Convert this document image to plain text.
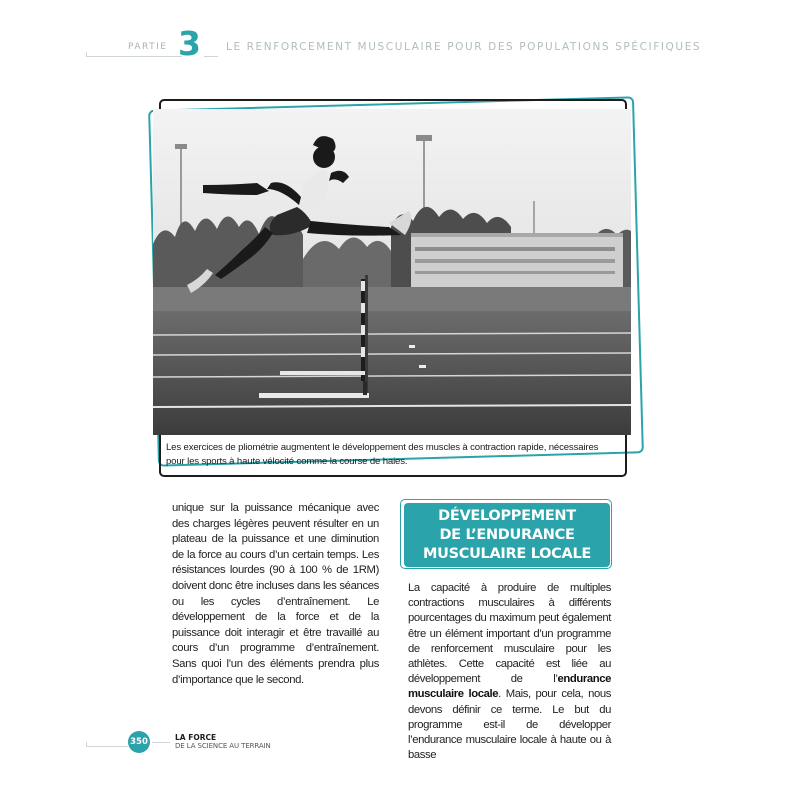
PARTIE 3 LE RENFORCEMENT MUSCULAIRE POUR DES POPULATIONS SPÉCIFIQUES
Les exercices de pliométrie augmentent le développement des muscles à contraction rapide, nécessaires pour les sports à haute vélocité comme la course de haies.

unique sur la puissance mécanique avec des charges légères peuvent résulter en un plateau de la puissance et une diminution de la force au cours d’un certain temps. Les résistances lourdes (90 à 100 % de 1RM) doivent donc être incluses dans les séances ou les cycles d’entraînement. Le développement de la force et de la puissance doit interagir et être travaillé au cours d’un programme d’entraînement. Sans quoi l’un des éléments prendra plus d’importance que le second.

DÉVELOPPEMENT
DE L’ENDURANCE
MUSCULAIRE LOCALE

La capacité à produire de multiples contractions musculaires à différents pourcentages du maximum peut également être un élément important d’un programme de renforcement musculaire pour les athlètes. Cette capacité est liée au développement de l’endurance musculaire locale. Mais, pour cela, nous devons définir ce terme. Le but du programme est-il de développer l’endurance musculaire locale à haute ou à basse

350	LA FORCE
DE LA SCIENCE AU TERRAIN
